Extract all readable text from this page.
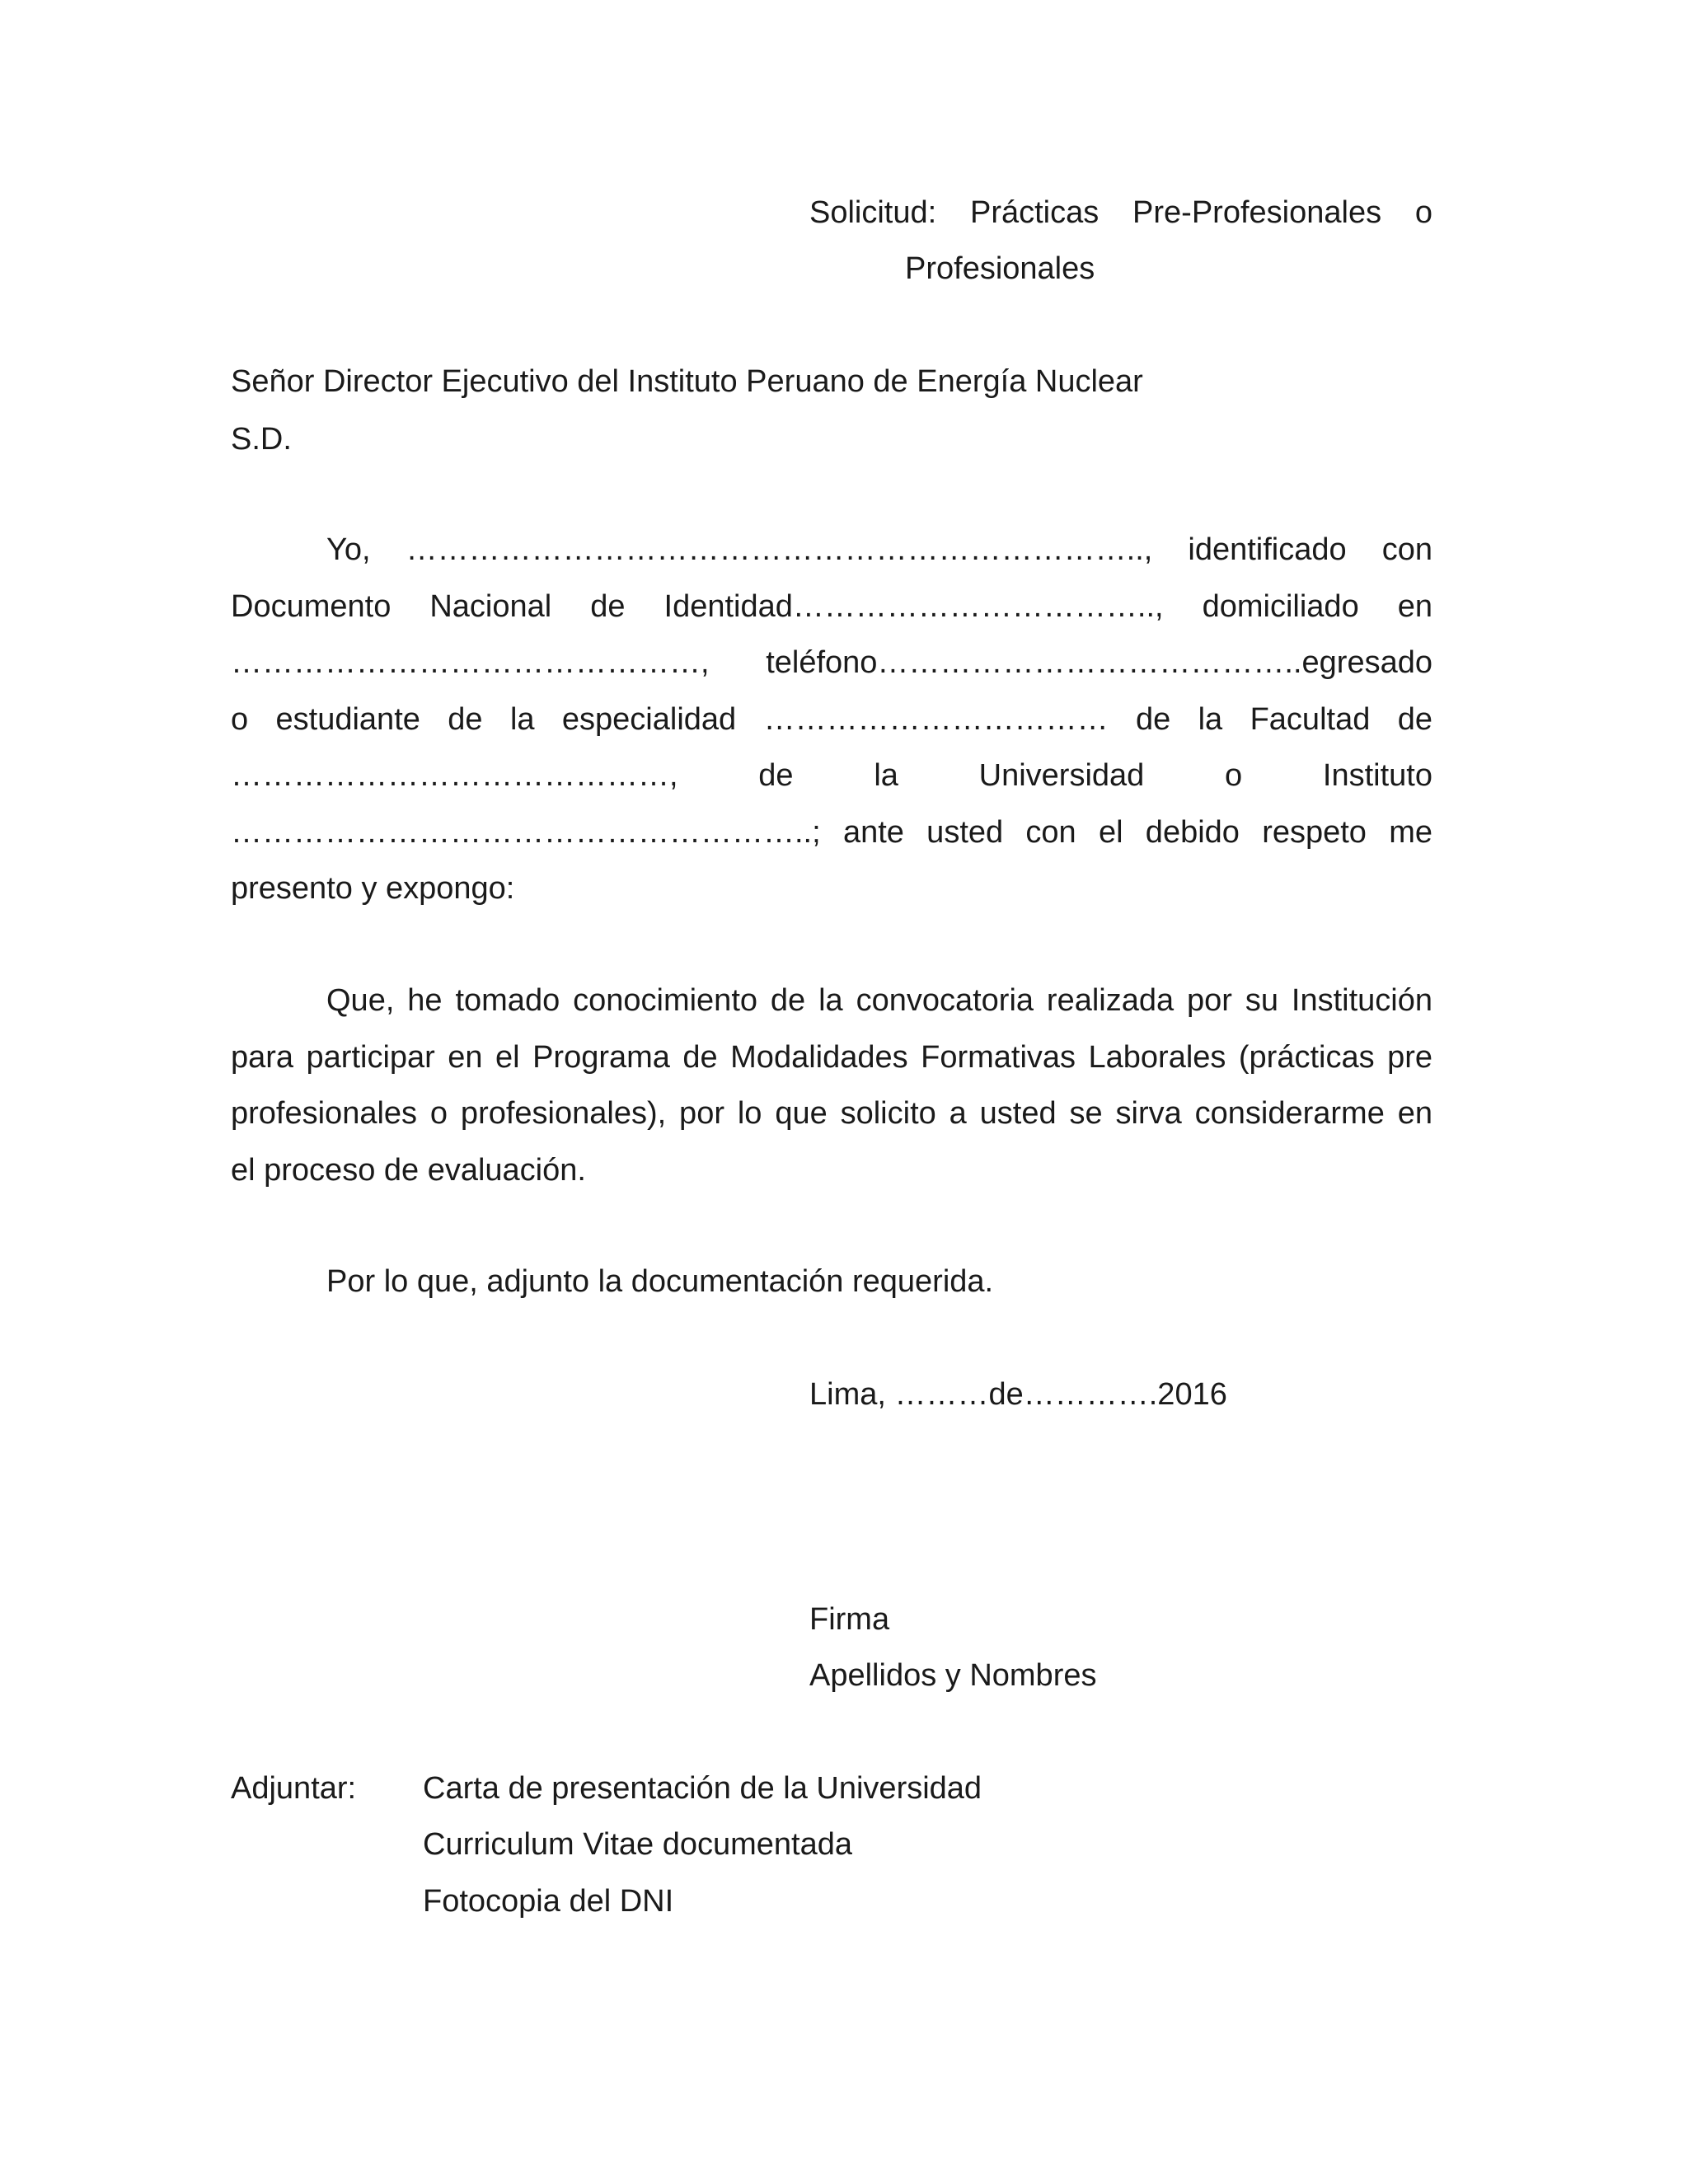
Solicitud: Prácticas Pre-Profesionales o
Profesionales
Señor Director Ejecutivo del Instituto Peruano de Energía Nuclear
S.D.
Yo, …………………………………………………………….., identificado con
Documento Nacional de Identidad…………………………….., domiciliado en
………………………………………, teléfono…………………………………..egresado
o estudiante de la especialidad …………………………… de la Facultad de
……………………………………, de la Universidad o Instituto
………………………………………………..; ante usted con el debido respeto me
presento y expongo:
Que, he tomado conocimiento de la convocatoria realizada por su Institución
para participar en el Programa de Modalidades Formativas Laborales (prácticas pre
profesionales o profesionales), por lo que solicito a usted se sirva considerarme en
el proceso de evaluación.
Por lo que, adjunto la documentación requerida.
Lima, ………de………….2016
Firma
Apellidos y Nombres
Adjuntar: Carta de presentación de la Universidad
Curriculum Vitae documentada
Fotocopia del DNI
